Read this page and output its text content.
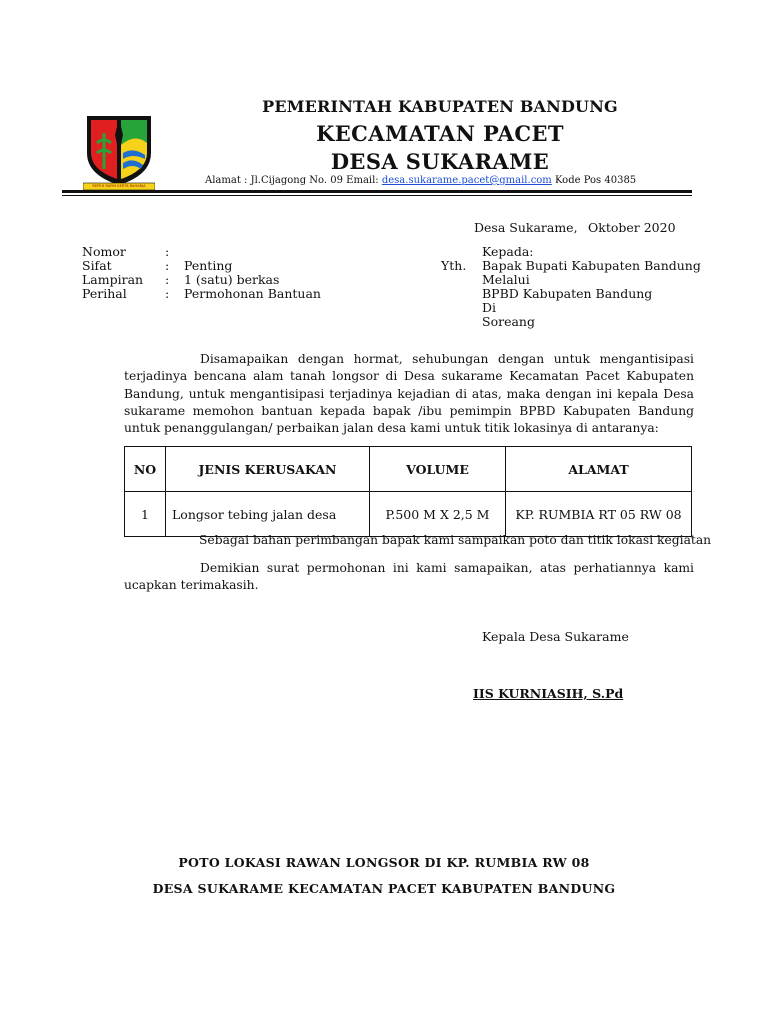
REPEH RAPIH KERTA RAHARJA
PEMERINTAH KABUPATEN BANDUNG
KECAMATAN PACET
DESA SUKARAME
Alamat : Jl.Cijagong No. 09 Email: desa.sukarame.pacet@gmail.com Kode Pos 40385
Desa Sukarame, Oktober 2020
Nomor	:
Sifat	: Penting
Lampiran : 1 (satu) berkas
Perihal	: Permohonan Bantuan
Yth.
Kepada:
Bapak Bupati Kabupaten Bandung
Melalui
BPBD Kabupaten Bandung
Di
Soreang

Disamapaikan dengan hormat, sehubungan dengan untuk mengantisipasi terjadinya bencana alam tanah longsor di Desa sukarame Kecamatan Pacet Kabupaten Bandung, untuk mengantisipasi terjadinya kejadian di atas, maka dengan ini kepala Desa sukarame memohon bantuan kepada bapak /ibu pemimpin BPBD Kabupaten Bandung untuk penanggulangan/ perbaikan jalan desa kami untuk titik lokasinya di antaranya:

NO	JENIS KERUSAKAN	VOLUME	ALAMAT
1	Longsor tebing jalan desa	P.500 M X 2,5 M	KP. RUMBIA RT 05 RW 08
Sebagai bahan perimbangan bapak kami sampaikan poto dan titik lokasi kegiatan

Demikian surat permohonan ini kami samapaikan, atas perhatiannya kami ucapkan terimakasih.

Kepala Desa Sukarame
IIS KURNIASIH, S.Pd
POTO LOKASI RAWAN LONGSOR DI KP. RUMBIA RW 08
DESA SUKARAME KECAMATAN PACET KABUPATEN BANDUNG
